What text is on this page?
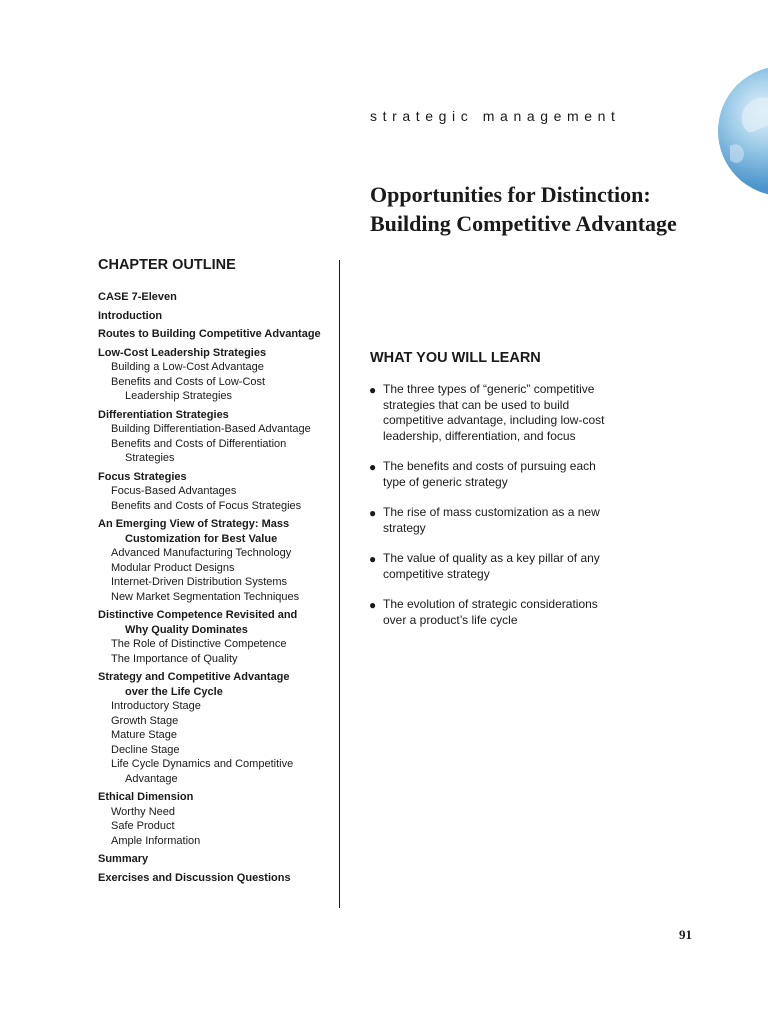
strategic management
Opportunities for Distinction:
Building Competitive Advantage
CHAPTER OUTLINE
CASE 7-Eleven
Introduction
Routes to Building Competitive Advantage
Low-Cost Leadership Strategies
Building a Low-Cost Advantage
Benefits and Costs of Low-Cost
Leadership Strategies
Differentiation Strategies
Building Differentiation-Based Advantage
Benefits and Costs of Differentiation
Strategies
Focus Strategies
Focus-Based Advantages
Benefits and Costs of Focus Strategies
An Emerging View of Strategy: Mass
Customization for Best Value
Advanced Manufacturing Technology
Modular Product Designs
Internet-Driven Distribution Systems
New Market Segmentation Techniques
Distinctive Competence Revisited and
Why Quality Dominates
The Role of Distinctive Competence
The Importance of Quality
Strategy and Competitive Advantage
over the Life Cycle
Introductory Stage
Growth Stage
Mature Stage
Decline Stage
Life Cycle Dynamics and Competitive
Advantage
Ethical Dimension
Worthy Need
Safe Product
Ample Information
Summary
Exercises and Discussion Questions
WHAT YOU WILL LEARN
● The three types of “generic” competitive strategies that can be used to build competitive advantage, including low-cost leadership, differentiation, and focus
● The benefits and costs of pursuing each type of generic strategy
● The rise of mass customization as a new strategy
● The value of quality as a key pillar of any competitive strategy
● The evolution of strategic considerations over a product’s life cycle
91
